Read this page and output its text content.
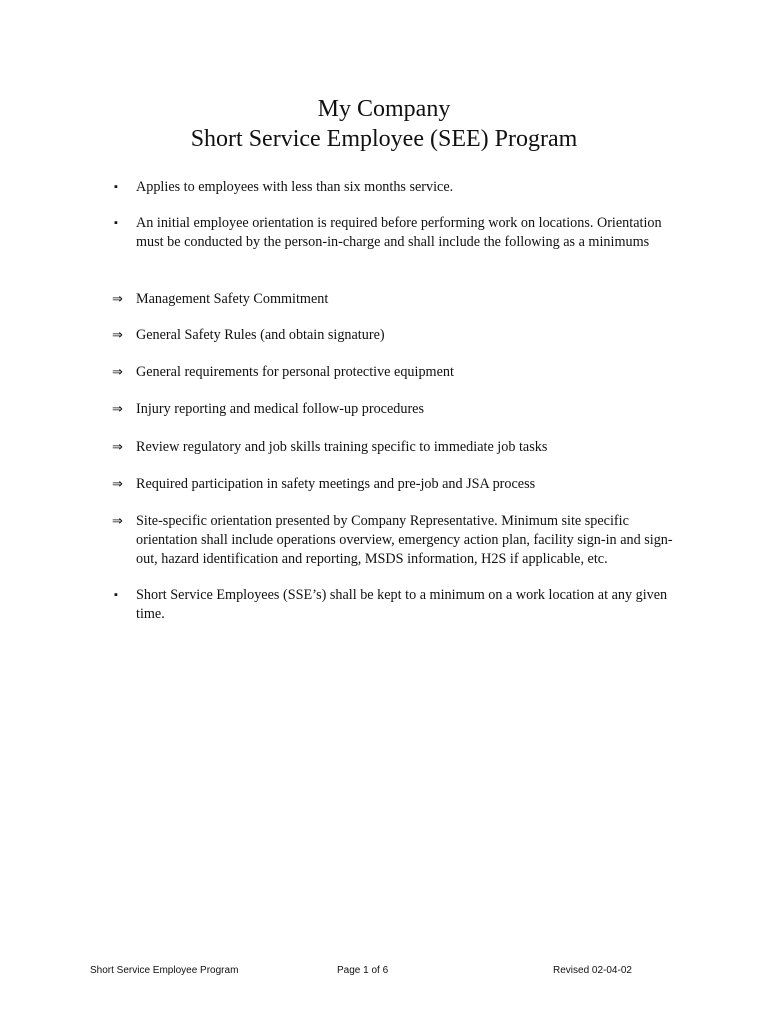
My Company
Short Service Employee (SEE) Program
▪	Applies to employees with less than six months service.
▪	An initial employee orientation is required before performing work on locations. Orientation must be conducted by the person-in-charge and shall include the following as a minimums
⇒ Management Safety Commitment
⇒ General Safety Rules (and obtain signature)
⇒ General requirements for personal protective equipment
⇒ Injury reporting and medical follow-up procedures
⇒ Review regulatory and job skills training specific to immediate job tasks
⇒ Required participation in safety meetings and pre-job and JSA process
⇒ Site-specific orientation presented by Company Representative. Minimum site specific orientation shall include operations overview, emergency action plan, facility sign-in and sign-out, hazard identification and reporting, MSDS information, H2S if applicable, etc.
▪	Short Service Employees (SSE’s) shall be kept to a minimum on a work location at any given time.
Short Service Employee Program	Page 1 of 6	Revised 02-04-02
